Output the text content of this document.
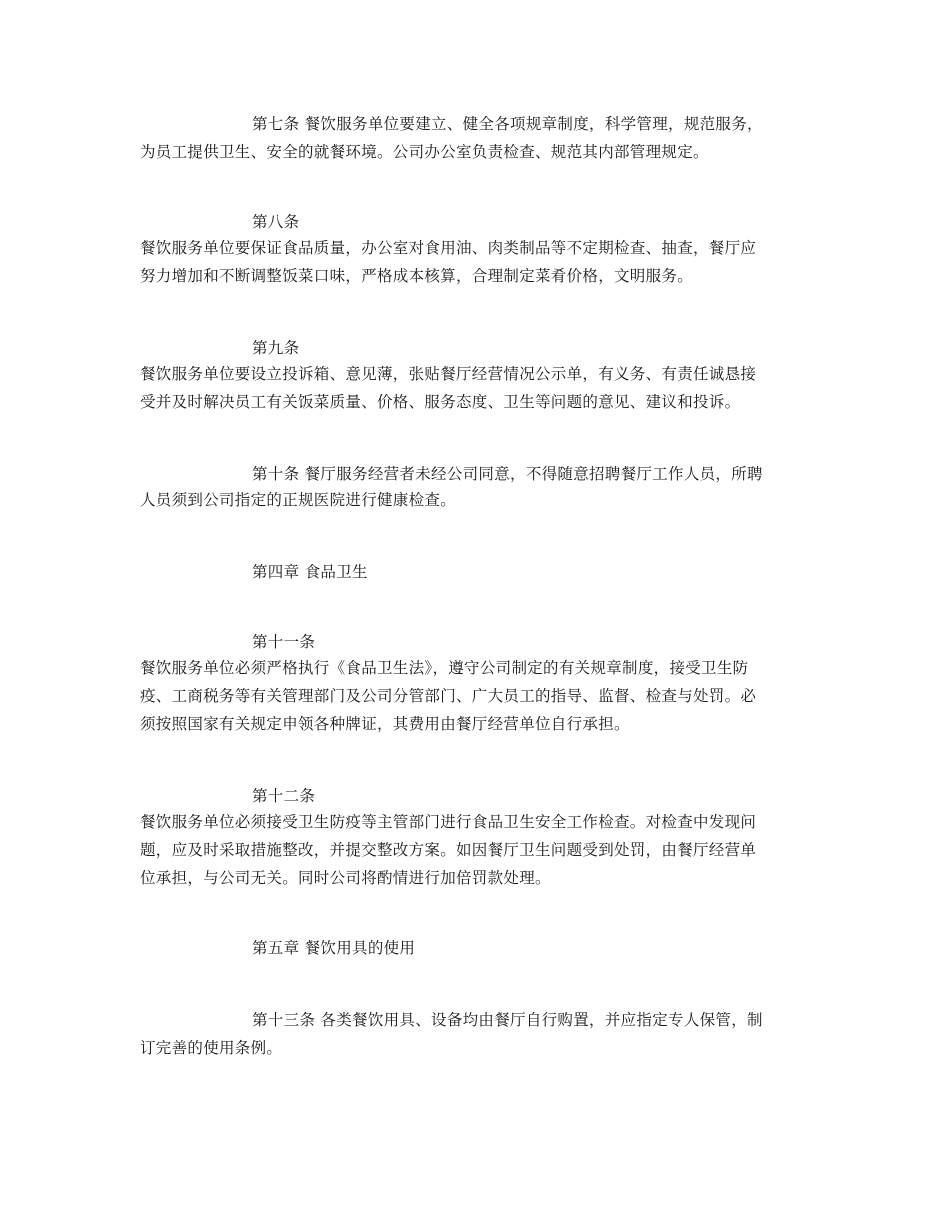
第七条 餐饮服务单位要建立、健全各项规章制度，科学管理，规范服务，
为员工提供卫生、安全的就餐环境。公司办公室负责检查、规范其内部管理规定。
第八条
餐饮服务单位要保证食品质量，办公室对食用油、肉类制品等不定期检查、抽查，餐厅应
努力增加和不断调整饭菜口味，严格成本核算，合理制定菜肴价格，文明服务。
第九条
餐饮服务单位要设立投诉箱、意见薄，张贴餐厅经营情况公示单，有义务、有责任诚恳接
受并及时解决员工有关饭菜质量、价格、服务态度、卫生等问题的意见、建议和投诉。
第十条 餐厅服务经营者未经公司同意，不得随意招聘餐厅工作人员，所聘
人员须到公司指定的正规医院进行健康检查。
第四章 食品卫生
第十一条
餐饮服务单位必须严格执行《食品卫生法》，遵守公司制定的有关规章制度，接受卫生防
疫、工商税务等有关管理部门及公司分管部门、广大员工的指导、监督、检查与处罚。必
须按照国家有关规定申领各种牌证，其费用由餐厅经营单位自行承担。
第十二条
餐饮服务单位必须接受卫生防疫等主管部门进行食品卫生安全工作检查。对检查中发现问
题，应及时采取措施整改，并提交整改方案。如因餐厅卫生问题受到处罚，由餐厅经营单
位承担，与公司无关。同时公司将酌情进行加倍罚款处理。
第五章 餐饮用具的使用
第十三条 各类餐饮用具、设备均由餐厅自行购置，并应指定专人保管，制
订完善的使用条例。
